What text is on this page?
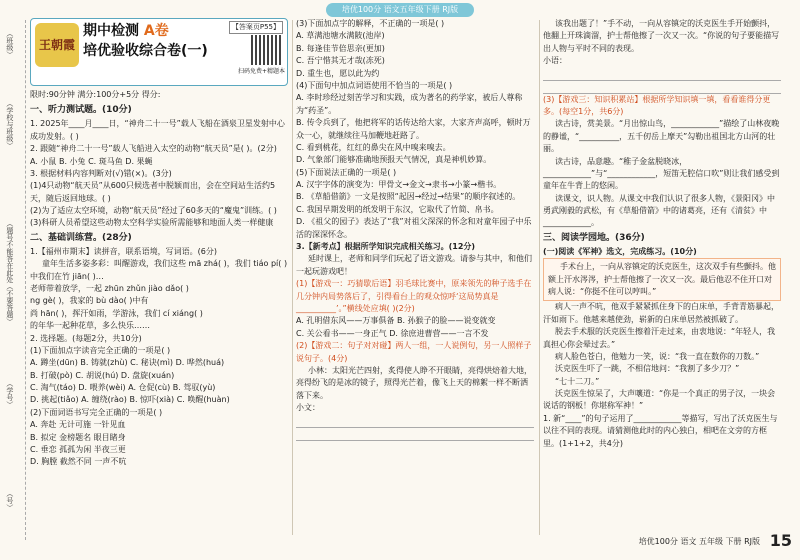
培优100分 语文五年级下册 RJ版
（班级）
（学校与班级）
（题号不能答在此处（不要答题）
（学号）
（号）
王朝霞
期中检测 A卷
培优验收综合卷(一)
【答案页P55】
扫码免费+精题本
限时:90分钟 满分:100分+5分 得分:
一、听力测试题。(10分)
1. 2025年____月____日，“神舟二十一号”载人飞船在酒泉卫星发射中心成功发射。( )
2. 跟随“神舟二十一号”载人飞船进入太空的动物“航天员”是( )。(2分)
A. 小鼠 B. 小兔 C. 斑马鱼 D. 果蝇
3. 根据材料内容判断对(√)错(×)。(3分)
(1)4只动物“航天员”从600只候选者中脱颖而出，会在空间站生活约5天，随后返回地球。( )
(2)为了适应太空环境，动物“航天员”经过了60多天的“魔鬼”训练。( )
(3)科研人员希望这些动物太空科学实验所需能够和地面人类一样健康
二、基础训练营。(28分)
1.【福州市期末】读拼音，联系语境，写词语。(6分)
童年生活多姿多彩：叫醒游戏，我们这些 mā zhá( )，我们 tiáo pí( )中我们在竹 jiān( )…
老师带着放学，一起 zhūn zhǔn jiào dǎo( )
ng gè( )，我家的 bù dào( )中有
尚 hān( )，挥汗如雨，学游泳，我们 cí xiáng( )
的年华一起种花草，多么快乐……
2. 选择题。(每题2分，共10分)
(1)下面加点字读音完全正确的一项是( )
A. 蹲坐(dūn) B. 铸就(zhù) C. 秘诀(mì) D. 哗然(huá)
B. 打破(pò) C. 胡说(hú) D. 盘旋(xuán)
C. 淘气(táo) D. 喂养(wèi) A. 仓促(cù) B. 驾驭(yù)
D. 挑起(tiǎo) A. 缠绕(rào) B. 惊吓(xià) C. 唤醒(huàn)
(2)下面词语书写完全正确的一项是( )
A. 奔赴 无计可施 一针见血
B. 拟定 金榜题名 眼目睹身
C. 垂恋 孤孤为闲 半夜三更
D. 胸膛 截然不同 一声不吭
(3)下面加点字的解释，不正确的一项是( )
A. 草满池塘水满陂(池岸)
B. 每逢佳节倍思亲(更加)
C. 吾宁惜其无才哉(冻死)
D. 重生也，愿以此为约
(4)下面句中加点词语使用不恰当的一项是( )
A. 李时珍经过刻苦学习和实践，成为著名的药学家，被后人尊称为“药圣”。
B. 传令兵到了，他把将军的话传达给大家，大家齐声高呼，顿时万众一心，就继续往马加鞭地赶路了。
C. 看到桃花，红红的鼻尖在风中嗅来嗅去。
D. 气象部门能够准确地预报天气情况，真是神机妙算。
(5)下面说法正确的一项是( )
A. 汉字字体的演变为：甲骨文→金文→隶书→小篆→楷书。
B. 《草船借箭》一文是按照“起因→经过→结果”的顺序叙述的。
C. 我国早期发明的纸发明于东汉，它取代了竹简、帛书。
D. 《祖父的园子》表达了“我”对祖父深深的怀念和对童年园子中乐活的深深怀念。
3.【新考点】根据所学知识完成相关练习。(12分)
延时课上，老师和同学们玩起了语文游戏。请参与其中，和他们一起玩游戏吧！
(1)【游戏一：巧猜歇后语】羽毛球比赛中，原来领先的种子选手在几分钟内局势落后了，引得看台上的观众惊呼‘这局势真是__________’。”横线处应填( )(2分)
A. 孔明借东风——万事俱备 B. 孙猴子的脸——说变就变
C. 关公看书——一身正气 D. 徐庶进曹营——一言不发
(2)【游戏二：句子对对碰】两人一组，一人说例句，另一人照样子说句子。(4分)
小林：太阳光芒四射，炙得使人睁不开眼睛，亮得烘焙着大地，亮得纷飞的是冰的镜子，照得光芒着，像飞上天的棉絮一样不断洒落下来。
小文：
该我出题了！”手不动，一向从容镇定的沃克医生手开始颤抖，他翻上开珠滴溜，护士帮他擦了一次又一次。“你说的句子要能描写出人物与平时不同的表现。
小语：
(3)【游戏三：知识积累站】根据所学知识填一填，看看谁得分更多。(每空1分，共6分)
读古诗，赏美景。“月出惊山鸟，____________”描绘了山林夜晚的静谧，“__________，五千仞岳上摩天”勾勒出祖国北方山河的壮丽。
读古诗，品意趣。“稚子金盆脱晓冰，____________”与“____________，短笛无腔信口吹”则让我们感受到童年在牛背上的悠闲。
读课文，识人物。从课文中我们认识了很多人物，《景阳冈》中勇武刚毅的武松，有《草船借箭》中的诸葛亮，还有《清贫》中____________。
三、阅读学园地。(36分)
(一)阅读《军神》选文，完成练习。(10分)
手术台上，一向从容镇定的沃克医生，这次双手有些颤抖。他额上汗水涔涔，护士帮他擦了一次又一次。最后他忍不住开口对病人说：“你挺不住可以哼叫。”
病人一声不吭，他双手紧紧抓住身下的白床单，手背青筋暴起，汗如雨下。他越来越使劲，崭新的白床单居然被抓破了。
脱去手术服的沃克医生擦着汗走过来，由衷地说：“年轻人，我真担心你会晕过去。”
病人脸色苍白，他勉力一笑，说：“我一直在数你的刀数。”
沃克医生吓了一跳，不相信地问：“我割了多少刀？”
“七十二刀。”
沃克医生惊呆了，大声嚷道：“你是一个真正的男子汉，一块会说话的钢板！你堪称军神！”
1. 新“____”的句子运用了____________等描写，写出了沃克医生与以往不同的表现。请猜测他此时的内心独白，相吧在文旁的方框里。(1+1+2，共4分)
培优100分 语文 五年级 下册 RJ版 15
